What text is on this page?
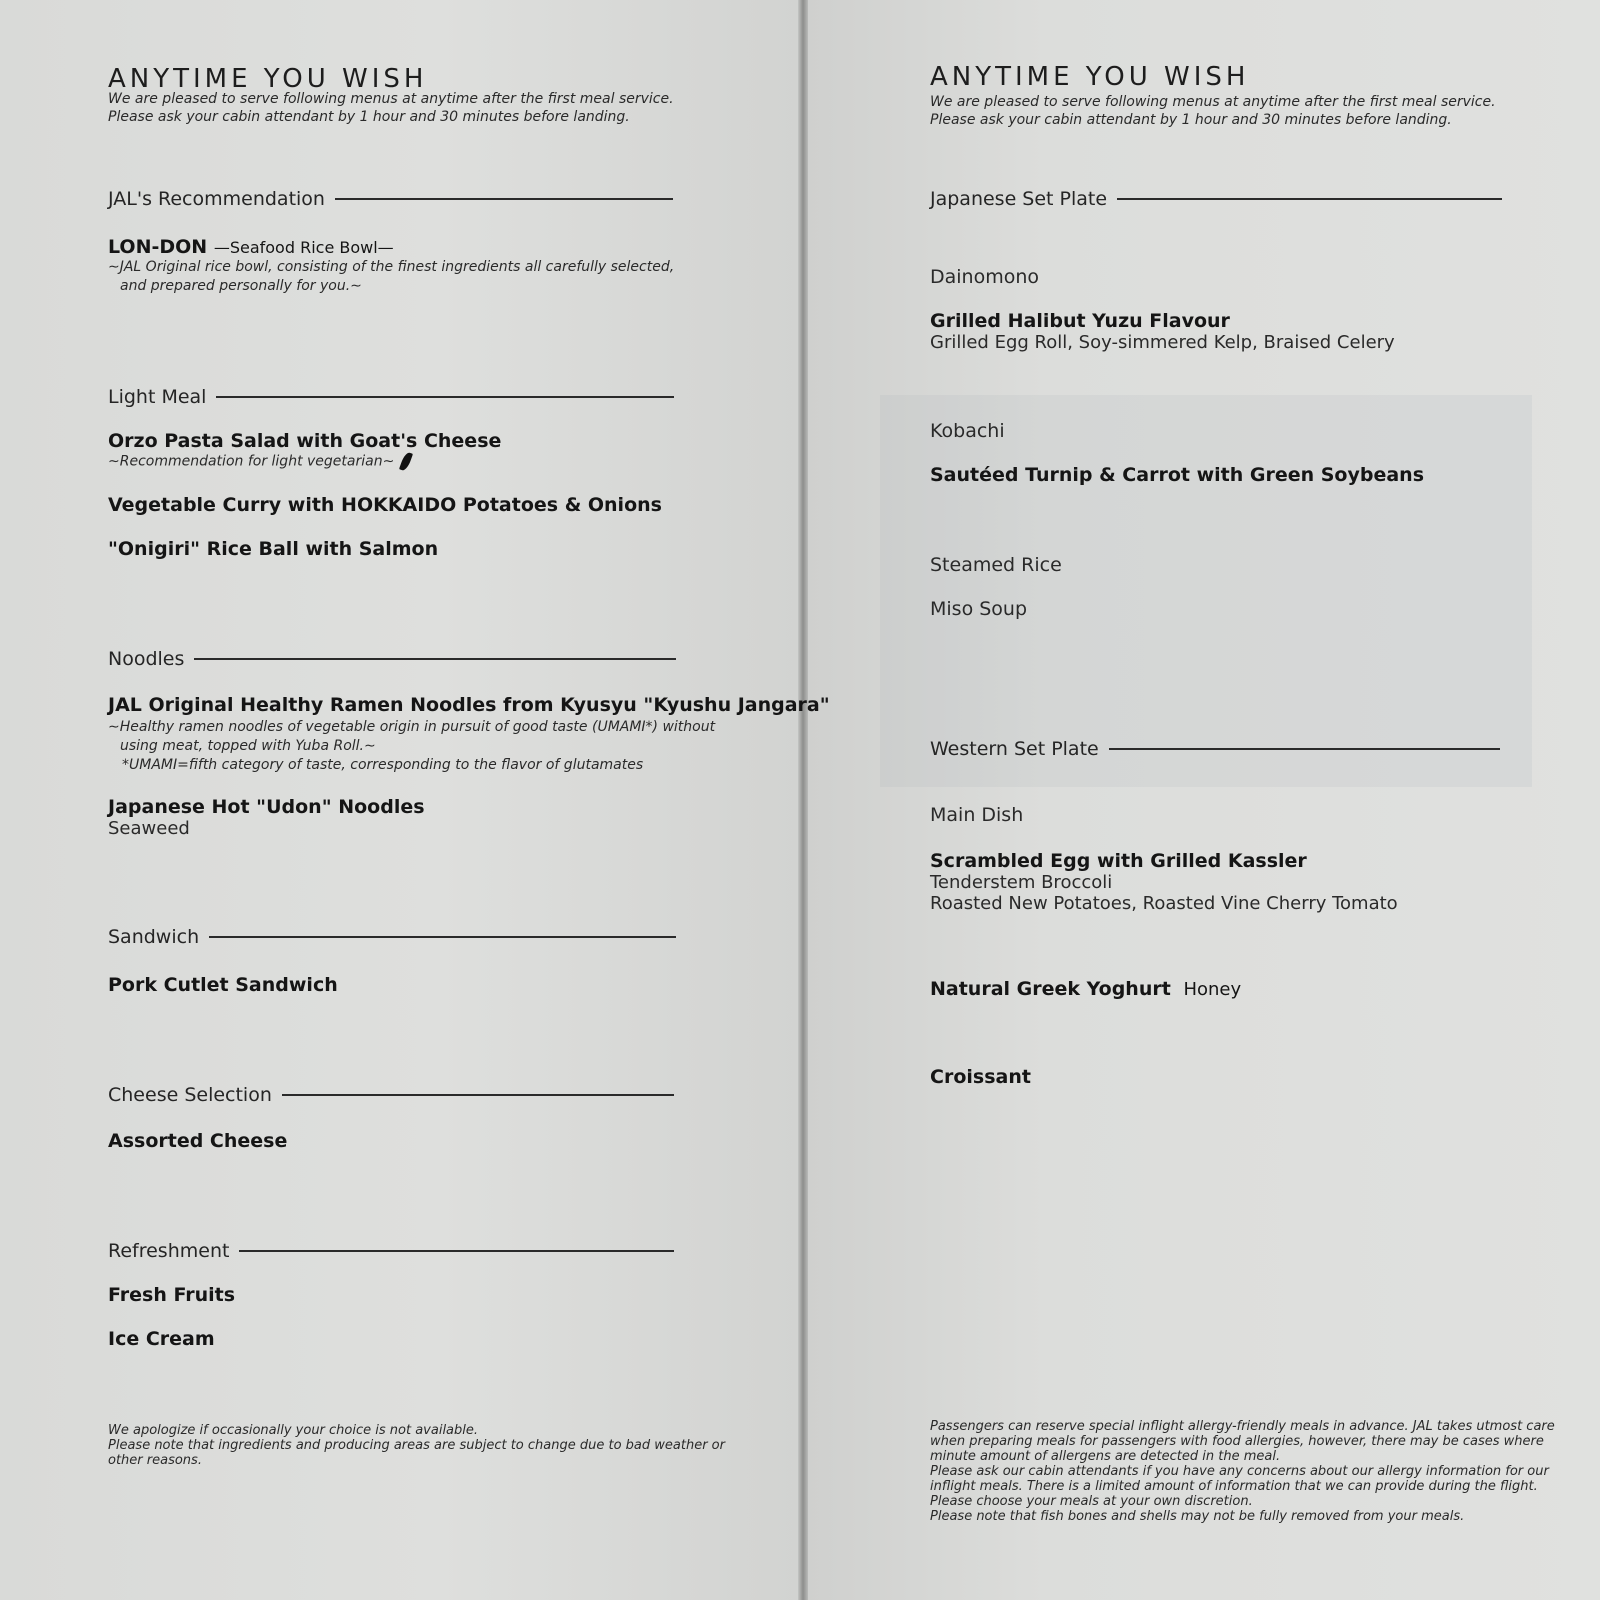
ANYTIME YOU WISH
We are pleased to serve following menus at anytime after the first meal service.
Please ask your cabin attendant by 1 hour and 30 minutes before landing.
JAL's Recommendation
LON-DON —Seafood Rice Bowl—
∼JAL Original rice bowl, consisting of the finest ingredients all carefully selected,
and prepared personally for you.∼
Light Meal
Orzo Pasta Salad with Goat's Cheese
∼Recommendation for light vegetarian∼
Vegetable Curry with HOKKAIDO Potatoes & Onions
"Onigiri" Rice Ball with Salmon
Noodles
JAL Original Healthy Ramen Noodles from Kyusyu "Kyushu Jangara"
∼Healthy ramen noodles of vegetable origin in pursuit of good taste (UMAMI*) without
using meat, topped with Yuba Roll.∼
*UMAMI=fifth category of taste, corresponding to the flavor of glutamates
Japanese Hot "Udon" Noodles
Seaweed
Sandwich
Pork Cutlet Sandwich
Cheese Selection
Assorted Cheese
Refreshment
Fresh Fruits
Ice Cream
We apologize if occasionally your choice is not available.
Please note that ingredients and producing areas are subject to change due to bad weather or
other reasons.
ANYTIME YOU WISH
We are pleased to serve following menus at anytime after the first meal service.
Please ask your cabin attendant by 1 hour and 30 minutes before landing.
Japanese Set Plate
Dainomono
Grilled Halibut Yuzu Flavour
Grilled Egg Roll, Soy-simmered Kelp, Braised Celery
Kobachi
Sautéed Turnip & Carrot with Green Soybeans
Steamed Rice
Miso Soup
Western Set Plate
Main Dish
Scrambled Egg with Grilled Kassler
Tenderstem Broccoli
Roasted New Potatoes, Roasted Vine Cherry Tomato
Natural Greek Yoghurt Honey
Croissant
Passengers can reserve special inflight allergy-friendly meals in advance. JAL takes utmost care
when preparing meals for passengers with food allergies, however, there may be cases where
minute amount of allergens are detected in the meal.
Please ask our cabin attendants if you have any concerns about our allergy information for our
inflight meals. There is a limited amount of information that we can provide during the flight.
Please choose your meals at your own discretion.
Please note that fish bones and shells may not be fully removed from your meals.
